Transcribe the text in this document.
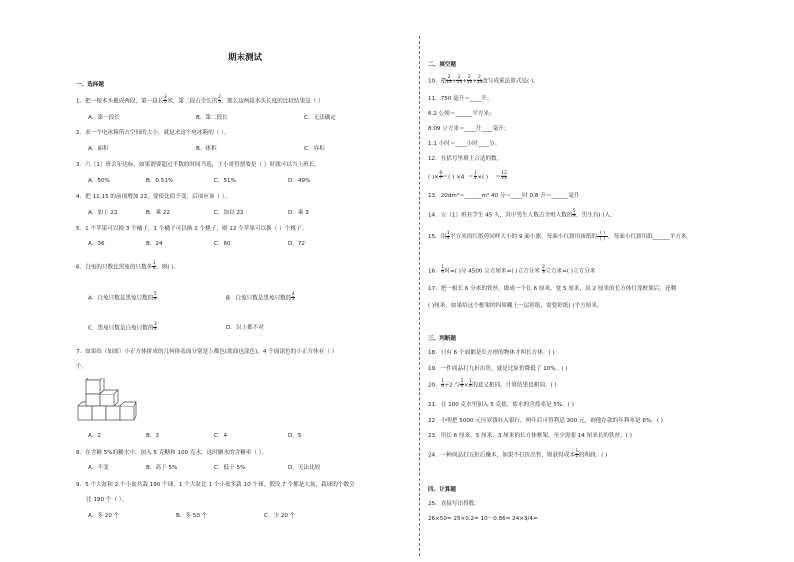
期末测试
一、选择题
1．把一根木头截成两段，第一段长 $\frac{3}{5}$ 米，第二段占全长的 $\frac{2}{5}$ ，那么这两段木头长度的比较结果是（ ）
A．第一段长	B．第二段长	C．无法确定
2．求一个电冰箱所占空间的大小，就是求这个电冰箱的（ ）。
A．面积	B．体积	C．容积
3．六（1）班去年达标，如果谓要超过半数的时间当选，王小哥得票要是（ ）时就可以当上班长。
A．50%	B．0.51%	C．51%	D．49%
4．把 11:15 的前项增加 22，要使比值不变，后项应该（ ）。
A．加上 22	B．乘 22	C．加以 22	D．乘 3
5．1 个苹果可以换 3 个橘子，1 个橘子可以换 2 个桃子，则 12 个苹果可以换（ ）个桃子。
A．36	B．24	C．60	D．72
6．白兔的只数比黑兔的只数多 $\frac{1}{4}$ ，则( )。
A．白兔只数是黑兔只数的 $\frac{5}{4}$	B．白兔只数是黑兔只数的 $\frac{4}{5}$
C．黑兔只数是白兔只数的 $\frac{3}{4}$	D．以上都不对
7．如果给（如图）小正方体拼成的几何体表面分别是上都色(底面也涂色)，4 个面涂色的小正方体有（ ）
个。
A．2	B．3	C．4	D．5
8．在含糖 5%的糖水中，加入 5 克糖和 100 克水，这时糖水的含糖率（ ）。
A．不变	B．高于 5%	C．低于 5%	D．无法比较
9．5 个大盆和 2 个小盆共栽 190 个球，1 个大盆比 1 个小盆多栽 10 个球，假设 7 个都是大盆，栽球的个数会
比 190 个（ ）。
A．多 20 个	B．多 50 个	C．少 20 个
二、填空题
10．把 $\frac{2}{13} + \frac{2}{13} + \frac{2}{13} + \frac{2}{13}$ 改写成乘法算式是( )。
11．750 毫升＝____升；
6.2 公顷＝______平方米；
8.09 立方米＝____升____毫升；
1.1 小时＝____小时____分。
12．在括号里填上合适的数。
( )× $\frac{8}{7}$ ＝( ) $\times 4 = \frac{1}{2}$ ×( ) ＝ $\frac{12}{11}$
13．20dm³＝______m³ 40 分＝____时 0.8 升＝______毫升
14．五（1）班有学生 45 人，其中男生人数占全班人数的 $\frac{5}{9}$ ，男生有( )人。
15．用 $\frac{1}{4}$ 平方米的红纸剪同样大小的 9 面小旗，每面小红旗用该纸的
( )
( ) ，每面小红旗用纸______平方米。
16． $\frac{1}{4}$ 时=( )分 4500 立方厘米=( )立方分米 $\frac{2}{3}$ 立方米=( )立方分米
17．把一根长 6 分米的铁丝，做成一个长 6 厘米，宽 5 厘米，高 2 厘米的长方体灯笼框架后，还剩
( )厘米。如果给这个框架的四周糊上一层彩纸，需要彩纸( )平方厘米。
三、判断题
18．只有 6 个面都是长方形的物体才叫长方体。( )
19．一件商品打九折出售，就是比原价降低了 10%。( )
20． $\frac{1}{6} \div 2$ 与 $\frac{1}{6} \times \frac{1}{2}$ 的意义相同，计算结果也相同。( )
21．在 100 克水里加入 5 克盐，盐水的含盐率是 5%。( )
22．小明把 5000 元压岁钱存入银行，两年后可得利息 300 元，则他存款的年利率是 6%。( )
23．用长 6 厘米、5 厘米、3 厘米的长方体框架，至少需要 14 厘米长的铁丝。( )
24．一种商品打五折后赚本，如果不打折出售，则获得成本 $\frac{1}{2}$ 的利润。( )
四、计算题
25．直接写出得数。
26×50= 25×0.2= 10－0.86= 24×3/4=
